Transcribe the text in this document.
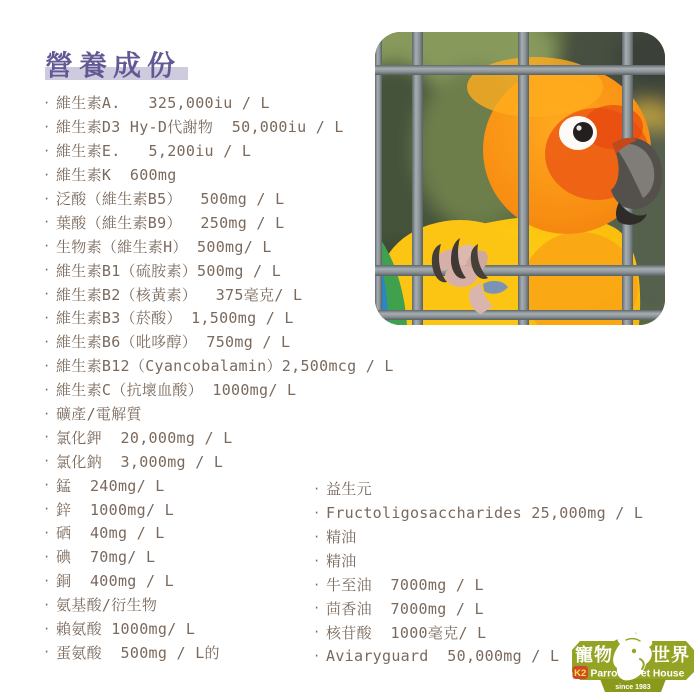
營養成份
· 維生素A.   325,000iu / L
· 維生素D3 Hy-D代謝物  50,000iu / L
· 維生素E.   5,200iu / L
· 維生素K  600mg
· 泛酸（維生素B5）  500mg / L
· 葉酸（維生素B9）  250mg / L
· 生物素（維生素H） 500mg/ L
· 維生素B1（硫胺素）500mg / L
· 維生素B2（核黃素）  375毫克/ L
· 維生素B3（菸酸） 1,500mg / L
· 維生素B6（吡哆醇） 750mg / L
· 維生素B12（Cyancobalamin）2,500mcg / L
· 維生素C（抗壞血酸） 1000mg/ L
· 礦產/電解質
· 氯化鉀  20,000mg / L
· 氯化鈉  3,000mg / L
· 錳  240mg/ L
· 鋅  1000mg/ L
· 硒  40mg / L
· 碘  70mg/ L
· 銅  400mg / L
· 氨基酸/衍生物
· 賴氨酸 1000mg/ L
· 蛋氨酸  500mg / L的
· 益生元
· Fructoligosaccharides 25,000mg / L
· 精油
· 精油
· 牛至油  7000mg / L
· 茴香油  7000mg / L
· 核苷酸  1000毫克/ L
· Aviaryguard  50,000mg / L 寵物 世界
K2 Parrot & Pet House
since 1983
